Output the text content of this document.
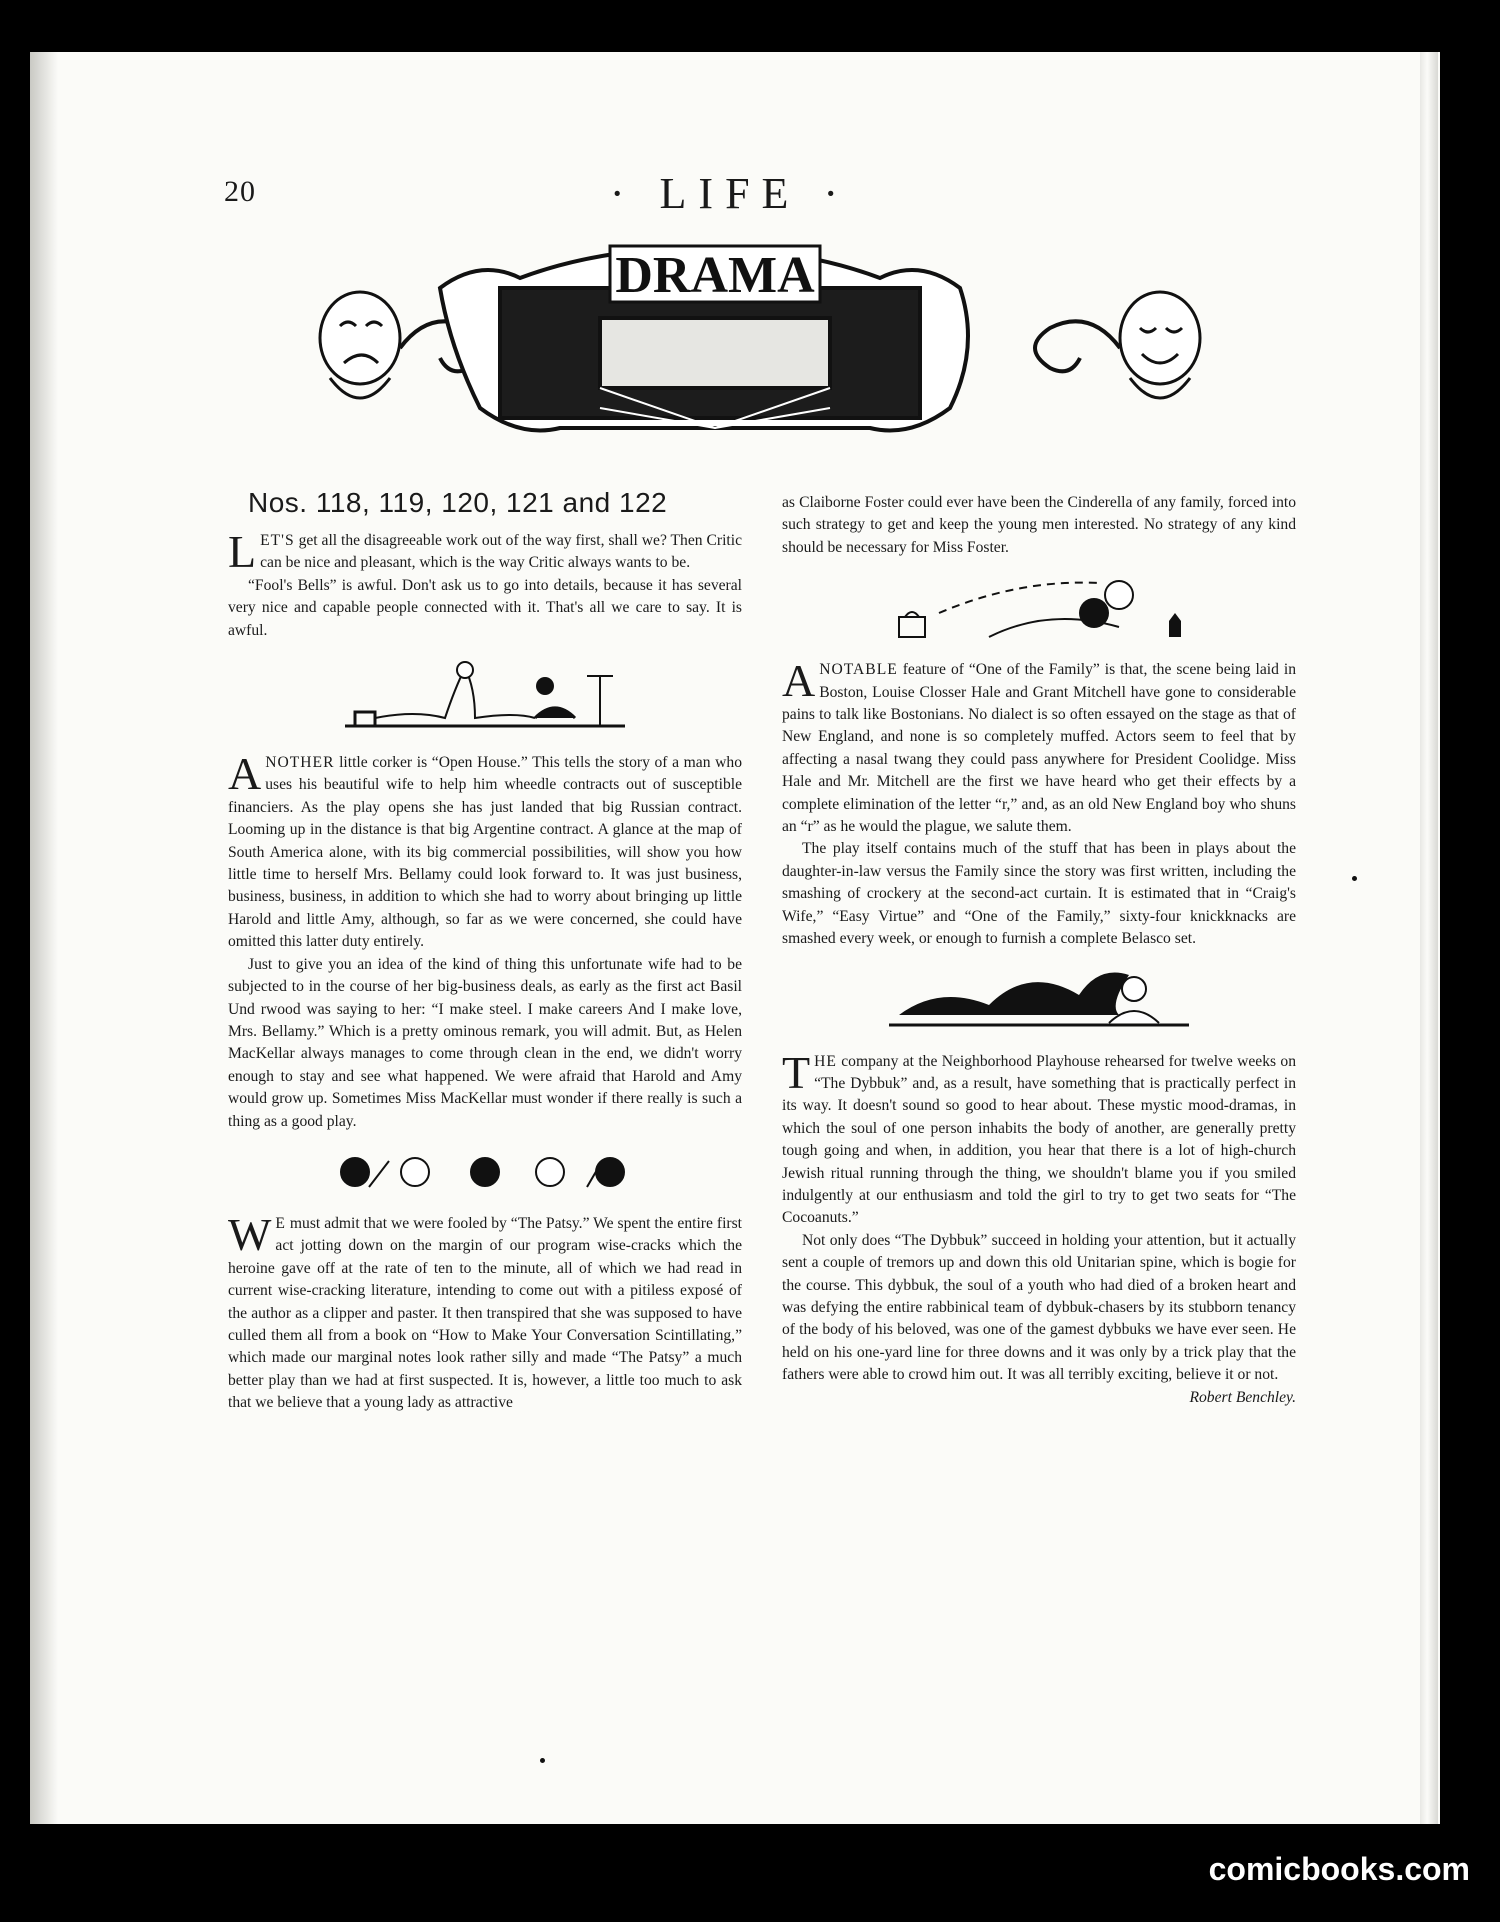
20	· LIFE ·
DRAMA
Nos. 118, 119, 120, 121 and 122

LET'S get all the disagreeable work out of the way first, shall we? Then Critic can be nice and pleasant, which is the way Critic always wants to be.

“Fool's Bells” is awful. Don't ask us to go into details, because it has several very nice and capable people connected with it. That's all we care to say. It is awful.

ANOTHER little corker is “Open House.” This tells the story of a man who uses his beautiful wife to help him wheedle contracts out of susceptible financiers. As the play opens she has just landed that big Russian contract. Looming up in the distance is that big Argentine contract. A glance at the map of South America alone, with its big commercial possibilities, will show you how little time to herself Mrs. Bellamy could look forward to. It was just business, business, business, in addition to which she had to worry about bringing up little Harold and little Amy, although, so far as we were concerned, she could have omitted this latter duty entirely.

Just to give you an idea of the kind of thing this unfortunate wife had to be subjected to in the course of her big-business deals, as early as the first act Basil Und rwood was saying to her: “I make steel. I make careers And I make love, Mrs. Bellamy.” Which is a pretty ominous remark, you will admit. But, as Helen MacKellar always manages to come through clean in the end, we didn't worry enough to stay and see what happened. We were afraid that Harold and Amy would grow up. Sometimes Miss MacKellar must wonder if there really is such a thing as a good play.

W E must admit that we were fooled by “The Patsy.” We spent the entire first act jotting down on the margin of our program wise-cracks which the heroine gave off at the rate of ten to the minute, all of which we had read in current wise-cracking literature, intending to come out with a pitiless exposé of the author as a clipper and paster. It then transpired that she was supposed to have culled them all from a book on “How to Make Your Conversation Scintillating,” which made our marginal notes look rather silly and made “The Patsy” a much better play than we had at first suspected. It is, however, a little too much to ask that we believe that a young lady as attractive

as Claiborne Foster could ever have been the Cinderella of any family, forced into such strategy to get and keep the young men interested. No strategy of any kind should be necessary for Miss Foster.

ANOTABLE feature of “One of the Family” is that, the scene being laid in Boston, Louise Closser Hale and Grant Mitchell have gone to considerable pains to talk like Bostonians. No dialect is so often essayed on the stage as that of New England, and none is so completely muffed. Actors seem to feel that by affecting a nasal twang they could pass anywhere for President Coolidge. Miss Hale and Mr. Mitchell are the first we have heard who get their effects by a complete elimination of the letter “r,” and, as an old New England boy who shuns an “r” as he would the plague, we salute them.

The play itself contains much of the stuff that has been in plays about the daughter-in-law versus the Family since the story was first written, including the smashing of crockery at the second-act curtain. It is estimated that in “Craig's Wife,” “Easy Virtue” and “One of the Family,” sixty-four knickknacks are smashed every week, or enough to furnish a complete Belasco set.

THE company at the Neighborhood Playhouse rehearsed for twelve weeks on “The Dybbuk” and, as a result, have something that is practically perfect in its way. It doesn't sound so good to hear about. These mystic mood-dramas, in which the soul of one person inhabits the body of another, are generally pretty tough going and when, in addition, you hear that there is a lot of high-church Jewish ritual running through the thing, we shouldn't blame you if you smiled indulgently at our enthusiasm and told the girl to try to get two seats for “The Cocoanuts.”

Not only does “The Dybbuk” succeed in holding your attention, but it actually sent a couple of tremors up and down this old Unitarian spine, which is bogie for the course. This dybbuk, the soul of a youth who had died of a broken heart and was defying the entire rabbinical team of dybbuk-chasers by its stubborn tenancy of the body of his beloved, was one of the gamest dybbuks we have ever seen. He held on his one-yard line for three downs and it was only by a trick play that the fathers were able to crowd him out. It was all terribly exciting, believe it or not.

Robert Benchley.

comicbooks.com
